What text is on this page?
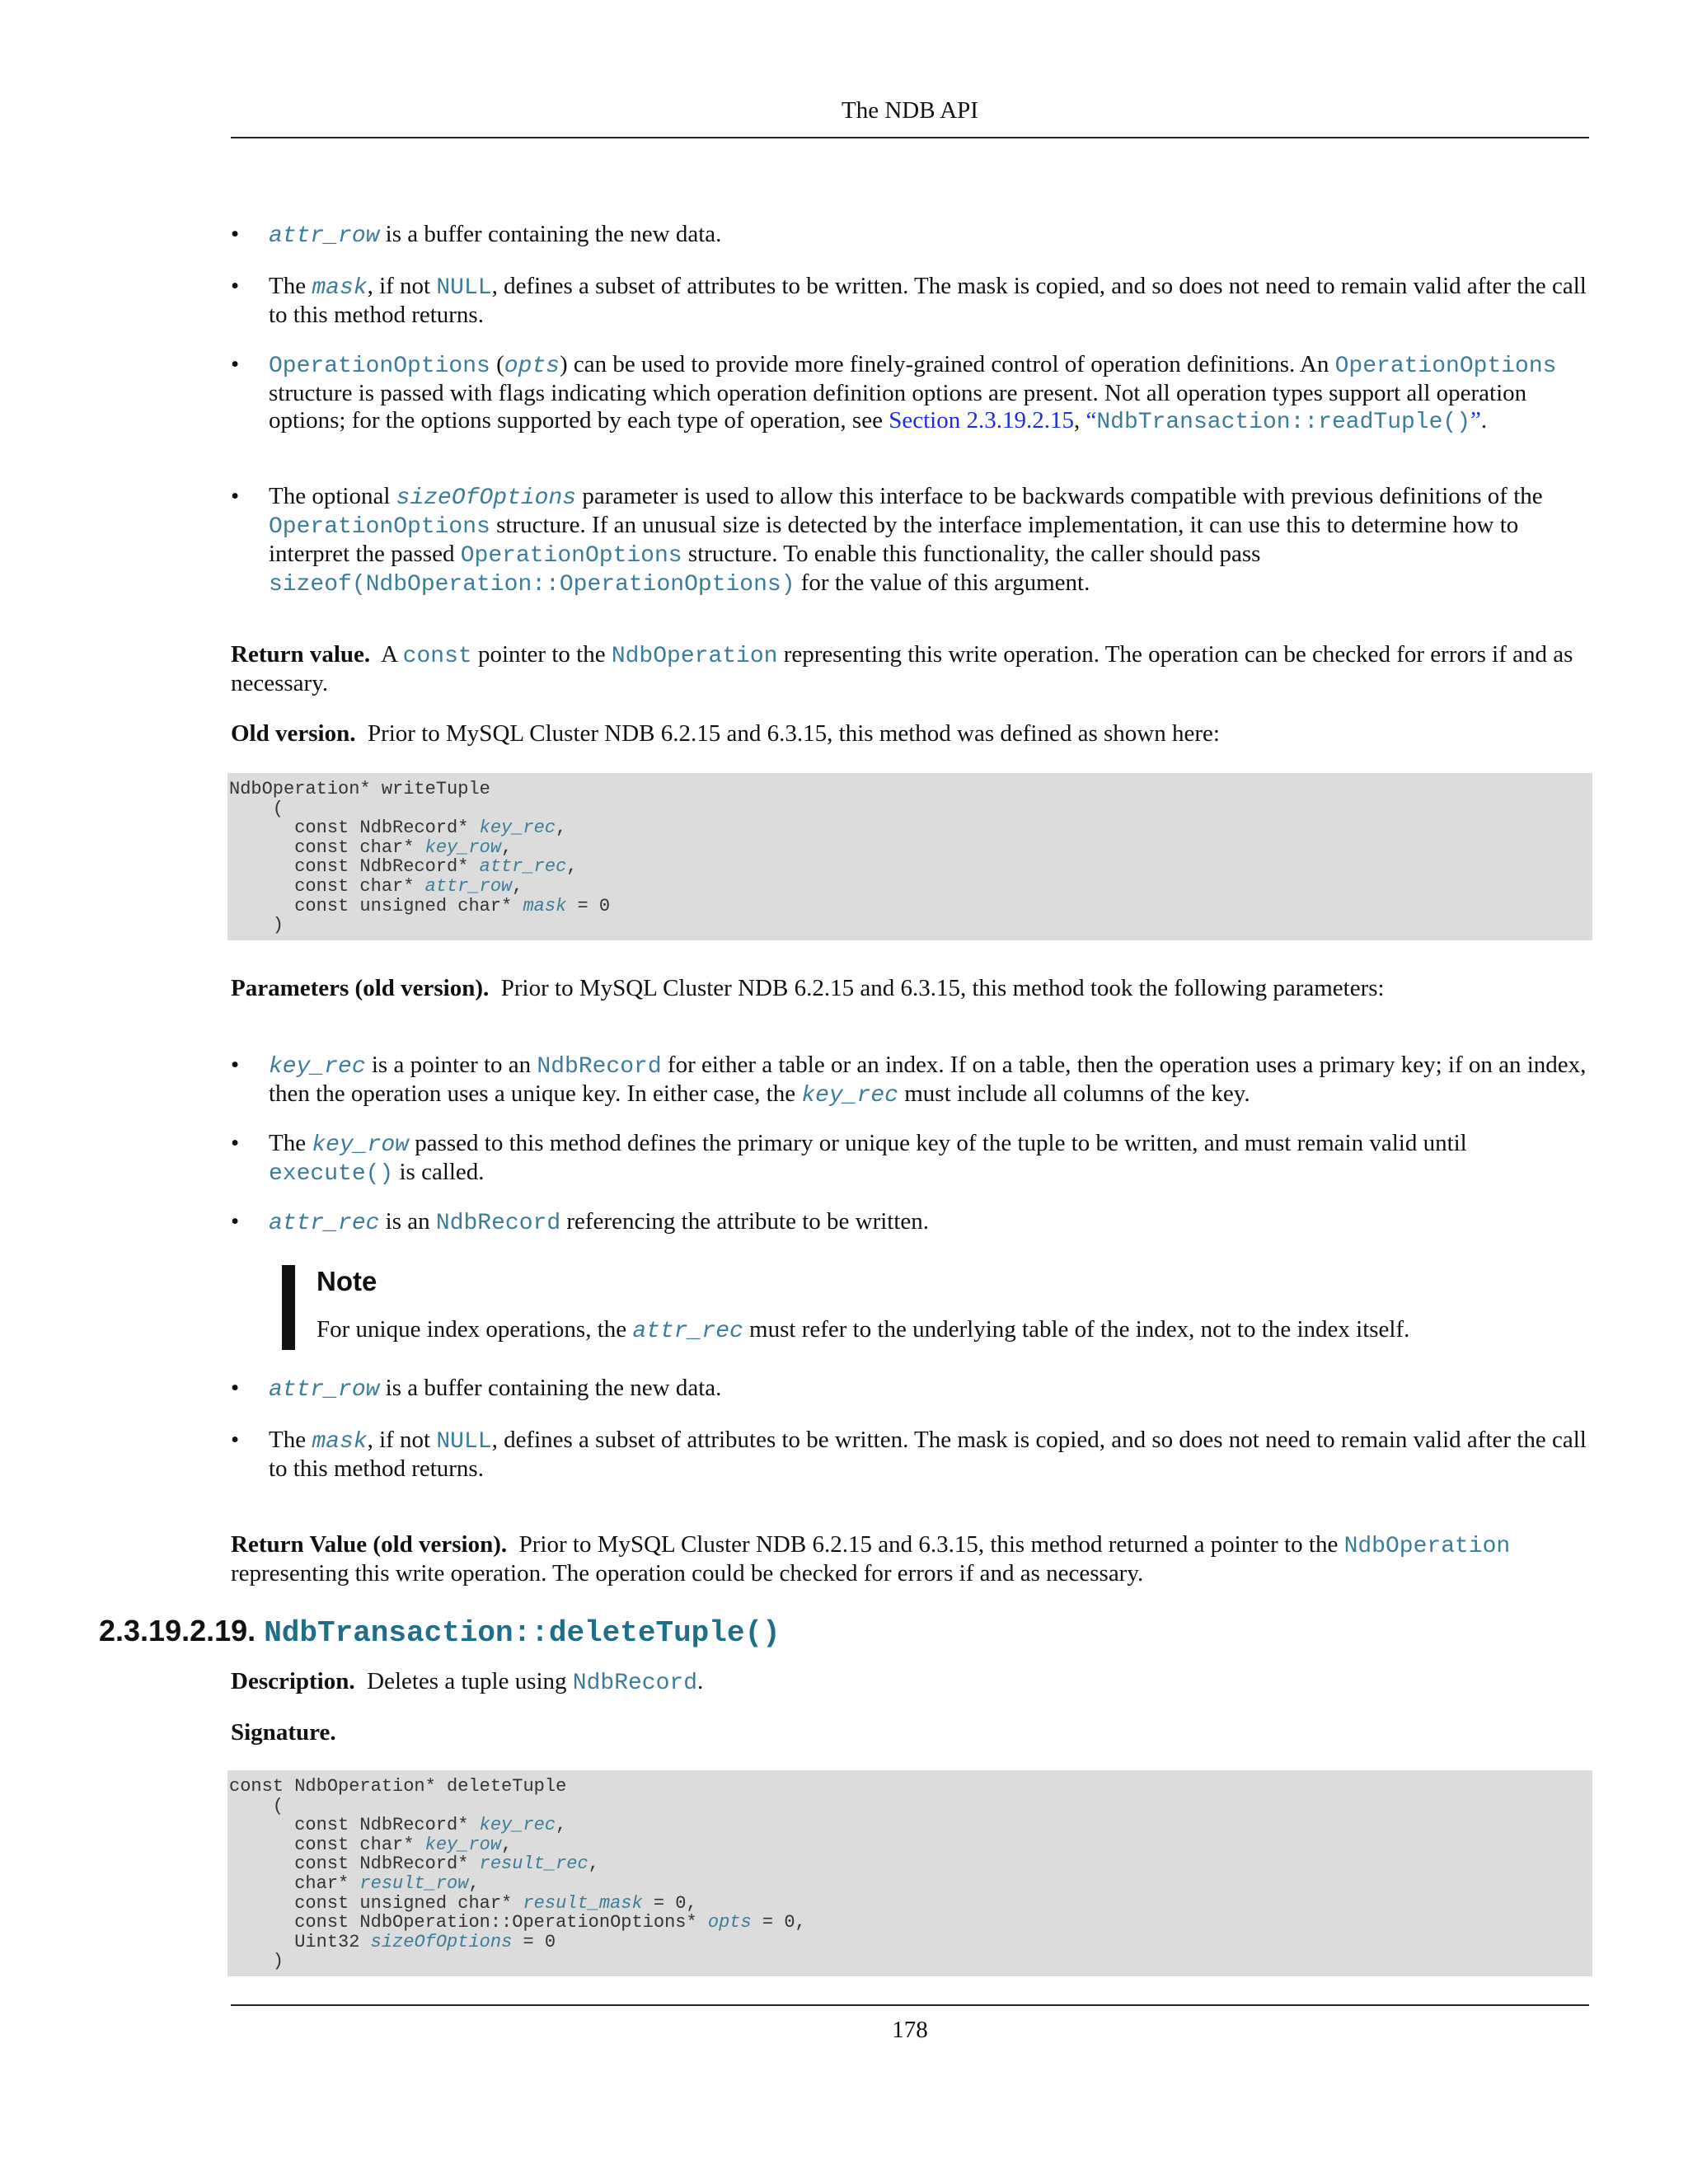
The NDB API
• attr_row is a buffer containing the new data.
• The mask, if not NULL, defines a subset of attributes to be written. The mask is copied, and so does not need to remain valid after the call to this method returns.
• OperationOptions (opts) can be used to provide more finely-grained control of operation definitions. An OperationOptions structure is passed with flags indicating which operation definition options are present. Not all operation types support all operation options; for the options supported by each type of operation, see Section 2.3.19.2.15, “NdbTransaction::readTuple()”.
• The optional sizeOfOptions parameter is used to allow this interface to be backwards compatible with previous definitions of the OperationOptions structure. If an unusual size is detected by the interface implementation, it can use this to determine how to interpret the passed OperationOptions structure. To enable this functionality, the caller should pass sizeof(NdbOperation::OperationOptions) for the value of this argument.
Return value. A const pointer to the NdbOperation representing this write operation. The operation can be checked for errors if and as necessary.
Old version. Prior to MySQL Cluster NDB 6.2.15 and 6.3.15, this method was defined as shown here:
NdbOperation* writeTuple
(
const NdbRecord* key_rec,
const char* key_row,
const NdbRecord* attr_rec,
const char* attr_row,
const unsigned char* mask = 0
)
Parameters (old version). Prior to MySQL Cluster NDB 6.2.15 and 6.3.15, this method took the following parameters:
• key_rec is a pointer to an NdbRecord for either a table or an index. If on a table, then the operation uses a primary key; if on an index, then the operation uses a unique key. In either case, the key_rec must include all columns of the key.
• The key_row passed to this method defines the primary or unique key of the tuple to be written, and must remain valid until execute() is called.
• attr_rec is an NdbRecord referencing the attribute to be written.
Note
For unique index operations, the attr_rec must refer to the underlying table of the index, not to the index itself.
• attr_row is a buffer containing the new data.
• The mask, if not NULL, defines a subset of attributes to be written. The mask is copied, and so does not need to remain valid after the call to this method returns.
Return Value (old version). Prior to MySQL Cluster NDB 6.2.15 and 6.3.15, this method returned a pointer to the NdbOperation representing this write operation. The operation could be checked for errors if and as necessary.
Description. Deletes a tuple using NdbRecord.
Signature.
const NdbOperation* deleteTuple
(
const NdbRecord* key_rec,
const char* key_row,
const NdbRecord* result_rec,
char* result_row,
const unsigned char* result_mask = 0,
const NdbOperation::OperationOptions* opts = 0,
Uint32 sizeOfOptions = 0
)
2.3.19.2.19. NdbTransaction::deleteTuple()
178
